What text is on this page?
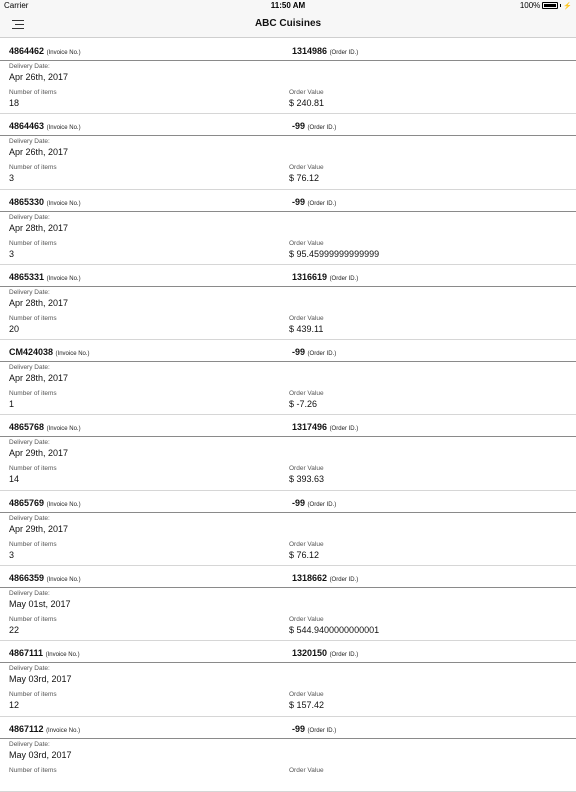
Carrier	11:50 AM	100%	⚡
ABC Cuisines
4864462 (Invoice No.)	1314986 (Order ID.)
Delivery Date:
Apr 26th, 2017
Number of items
18
Order Value
$ 240.81
4864463 (Invoice No.)	-99 (Order ID.)
Delivery Date:
Apr 26th, 2017
Number of items
3
Order Value
$ 76.12
4865330 (Invoice No.)	-99 (Order ID.)
Delivery Date:
Apr 28th, 2017
Number of items
3
Order Value
$ 95.45999999999999
4865331 (Invoice No.)	1316619 (Order ID.)
Delivery Date:
Apr 28th, 2017
Number of items
20
Order Value
$ 439.11
CM424038 (Invoice No.)	-99 (Order ID.)
Delivery Date:
Apr 28th, 2017
Number of items
1
Order Value
$ -7.26
4865768 (Invoice No.)	1317496 (Order ID.)
Delivery Date:
Apr 29th, 2017
Number of items
14
Order Value
$ 393.63
4865769 (Invoice No.)	-99 (Order ID.)
Delivery Date:
Apr 29th, 2017
Number of items
3
Order Value
$ 76.12
4866359 (Invoice No.)	1318662 (Order ID.)
Delivery Date:
May 01st, 2017
Number of items
22
Order Value
$ 544.9400000000001
4867111 (Invoice No.)	1320150 (Order ID.)
Delivery Date:
May 03rd, 2017
Number of items
12
Order Value
$ 157.42
4867112 (Invoice No.)	-99 (Order ID.)
Delivery Date:
May 03rd, 2017
Number of items	Order Value
